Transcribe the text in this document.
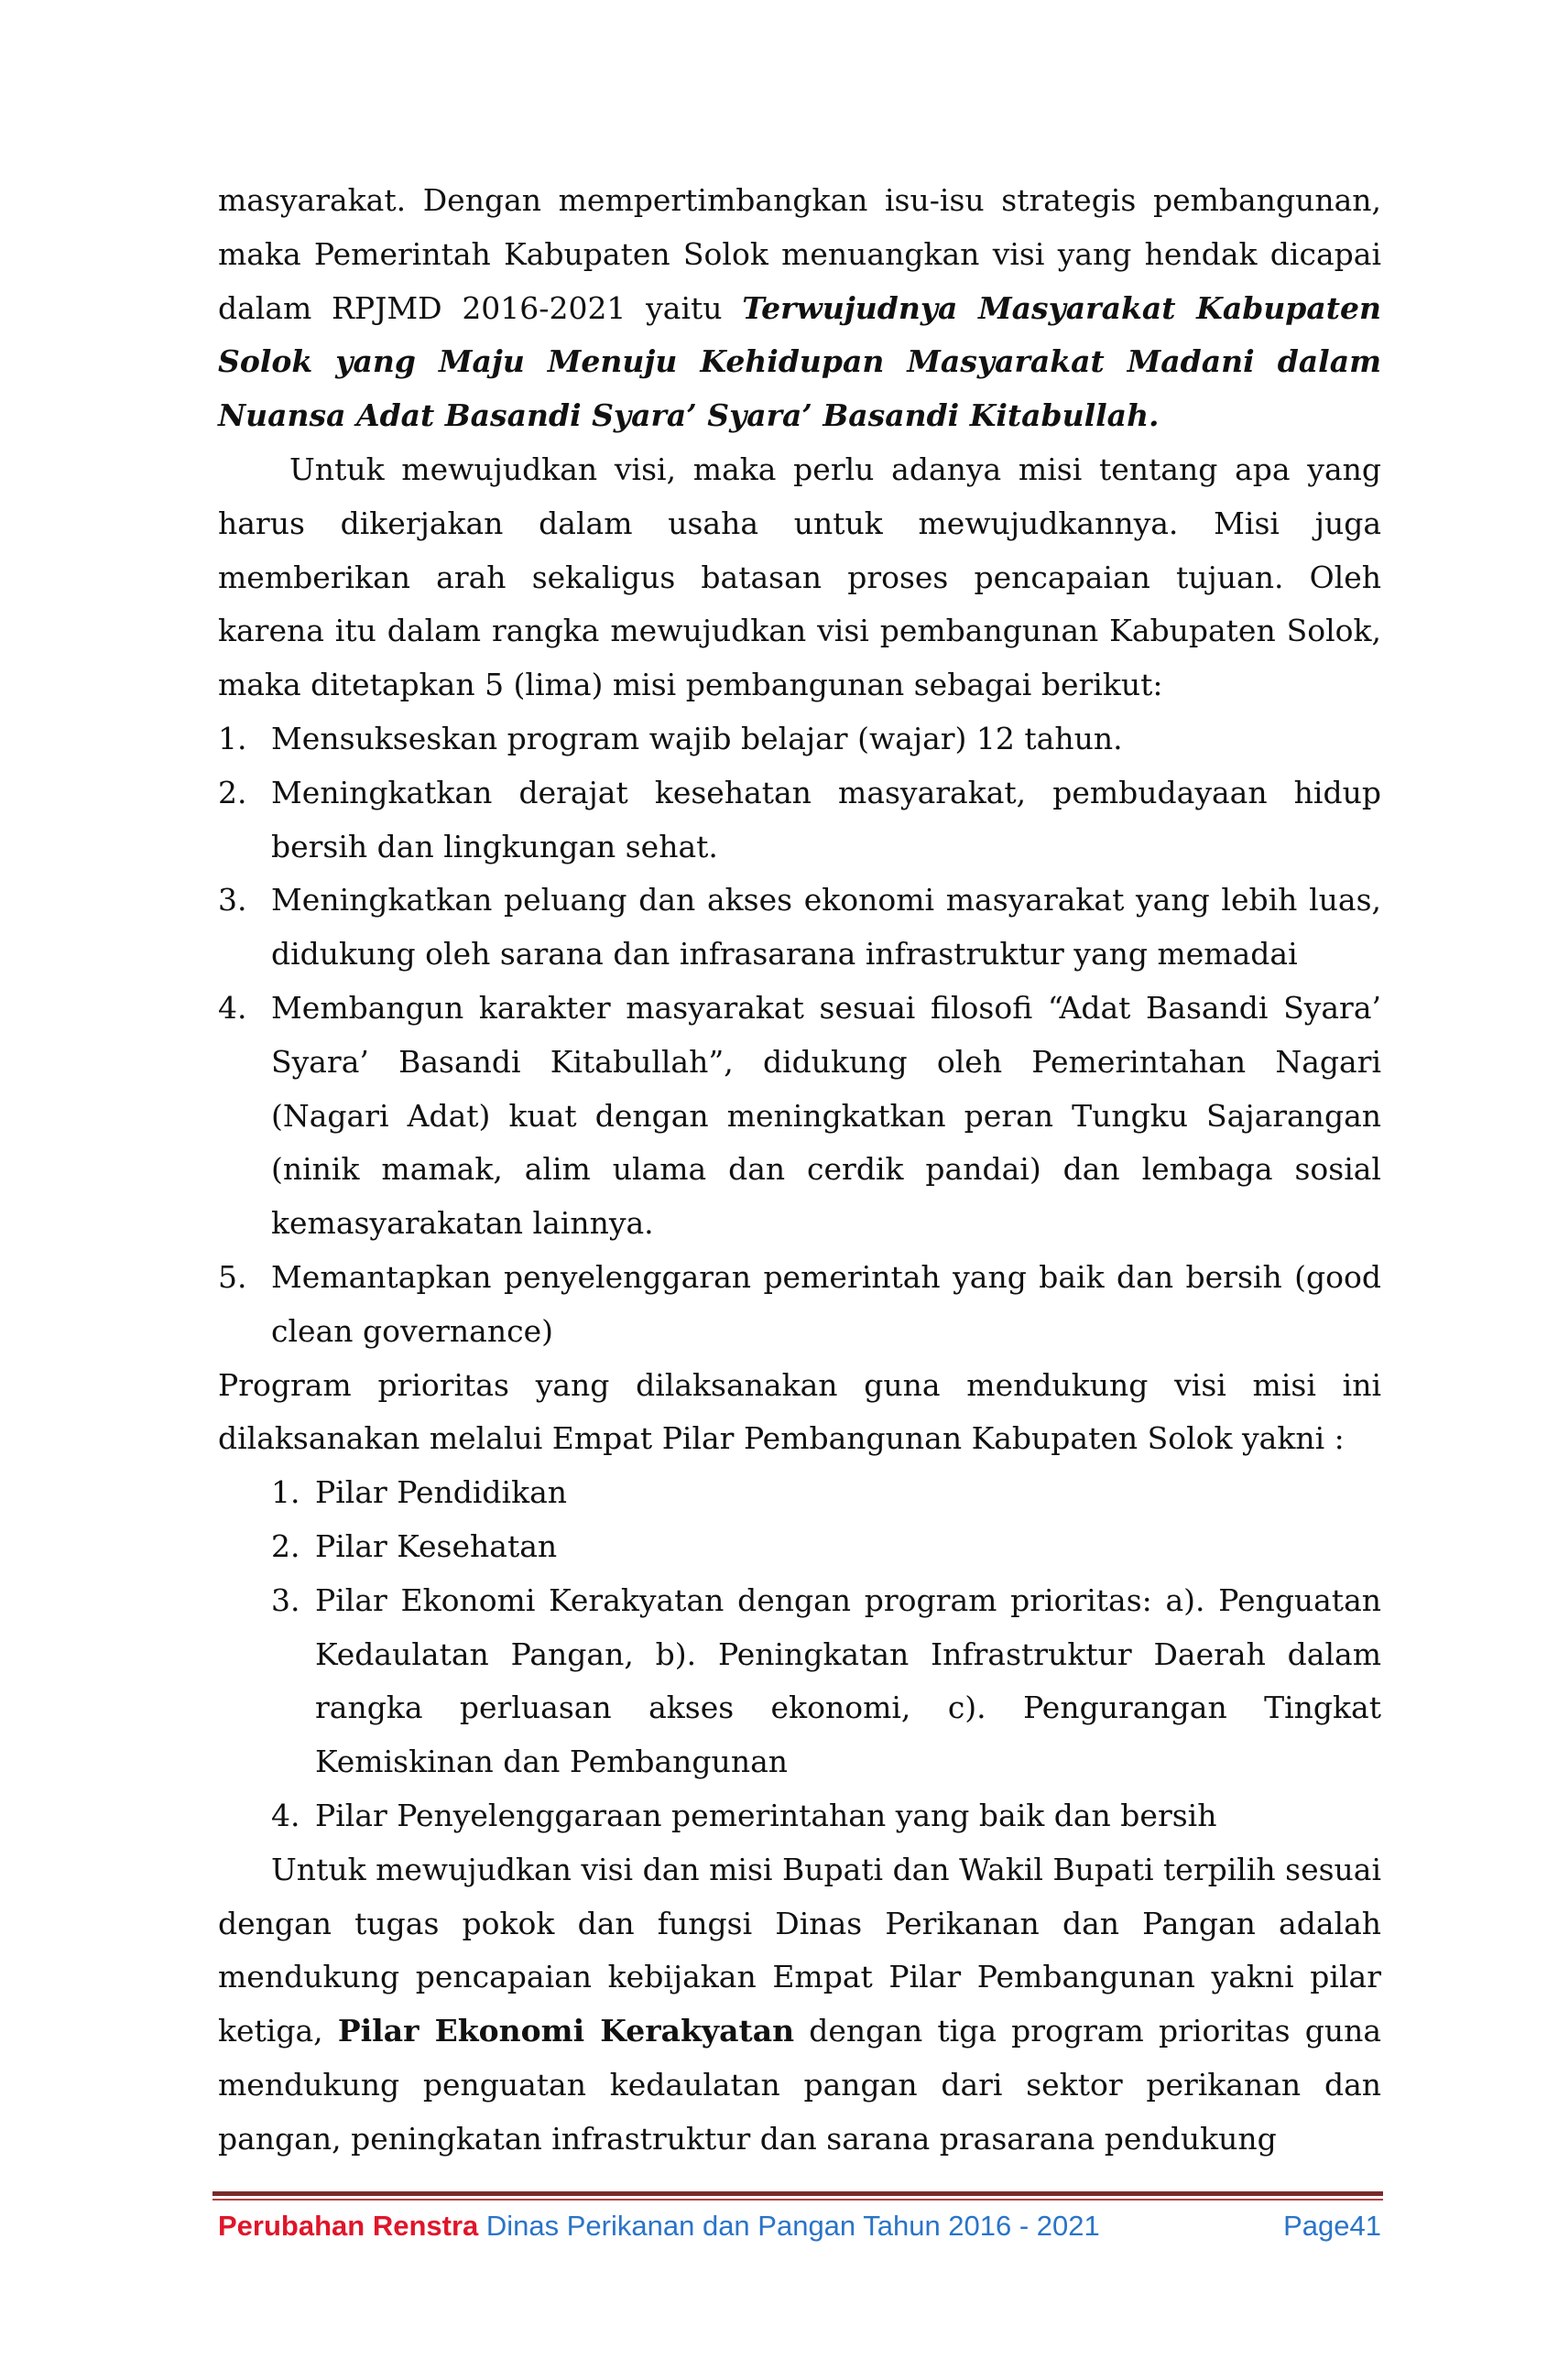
masyarakat. Dengan mempertimbangkan isu-isu strategis pembangunan, maka Pemerintah Kabupaten Solok menuangkan visi yang hendak dicapai dalam RPJMD 2016-2021 yaitu Terwujudnya Masyarakat Kabupaten Solok yang Maju Menuju Kehidupan Masyarakat Madani dalam Nuansa Adat Basandi Syara’ Syara’ Basandi Kitabullah.

Untuk mewujudkan visi, maka perlu adanya misi tentang apa yang harus dikerjakan dalam usaha untuk mewujudkannya. Misi juga memberikan arah sekaligus batasan proses pencapaian tujuan. Oleh karena itu dalam rangka mewujudkan visi pembangunan Kabupaten Solok, maka ditetapkan 5 (lima) misi pembangunan sebagai berikut:

1. Mensukseskan program wajib belajar (wajar) 12 tahun.
2. Meningkatkan derajat kesehatan masyarakat, pembudayaan hidup bersih dan lingkungan sehat.
3. Meningkatkan peluang dan akses ekonomi masyarakat yang lebih luas, didukung oleh sarana dan infrasarana infrastruktur yang memadai
4. Membangun karakter masyarakat sesuai filosofi “Adat Basandi Syara’ Syara’ Basandi Kitabullah”, didukung oleh Pemerintahan Nagari (Nagari Adat) kuat dengan meningkatkan peran Tungku Sajarangan (ninik mamak, alim ulama dan cerdik pandai) dan lembaga sosial kemasyarakatan lainnya.
5. Memantapkan penyelenggaran pemerintah yang baik dan bersih (good clean governance)

Program prioritas yang dilaksanakan guna mendukung visi misi ini dilaksanakan melalui Empat Pilar Pembangunan Kabupaten Solok yakni :

1. Pilar Pendidikan
2. Pilar Kesehatan
3. Pilar Ekonomi Kerakyatan dengan program prioritas: a). Penguatan Kedaulatan Pangan, b). Peningkatan Infrastruktur Daerah dalam rangka perluasan akses ekonomi, c). Pengurangan Tingkat Kemiskinan dan Pembangunan
4. Pilar Penyelenggaraan pemerintahan yang baik dan bersih

Untuk mewujudkan visi dan misi Bupati dan Wakil Bupati terpilih sesuai dengan tugas pokok dan fungsi Dinas Perikanan dan Pangan adalah mendukung pencapaian kebijakan Empat Pilar Pembangunan yakni pilar ketiga, Pilar Ekonomi Kerakyatan dengan tiga program prioritas guna mendukung penguatan kedaulatan pangan dari sektor perikanan dan pangan, peningkatan infrastruktur dan sarana prasarana pendukung

Perubahan Renstra Dinas Perikanan dan Pangan Tahun 2016 - 2021	Page41
